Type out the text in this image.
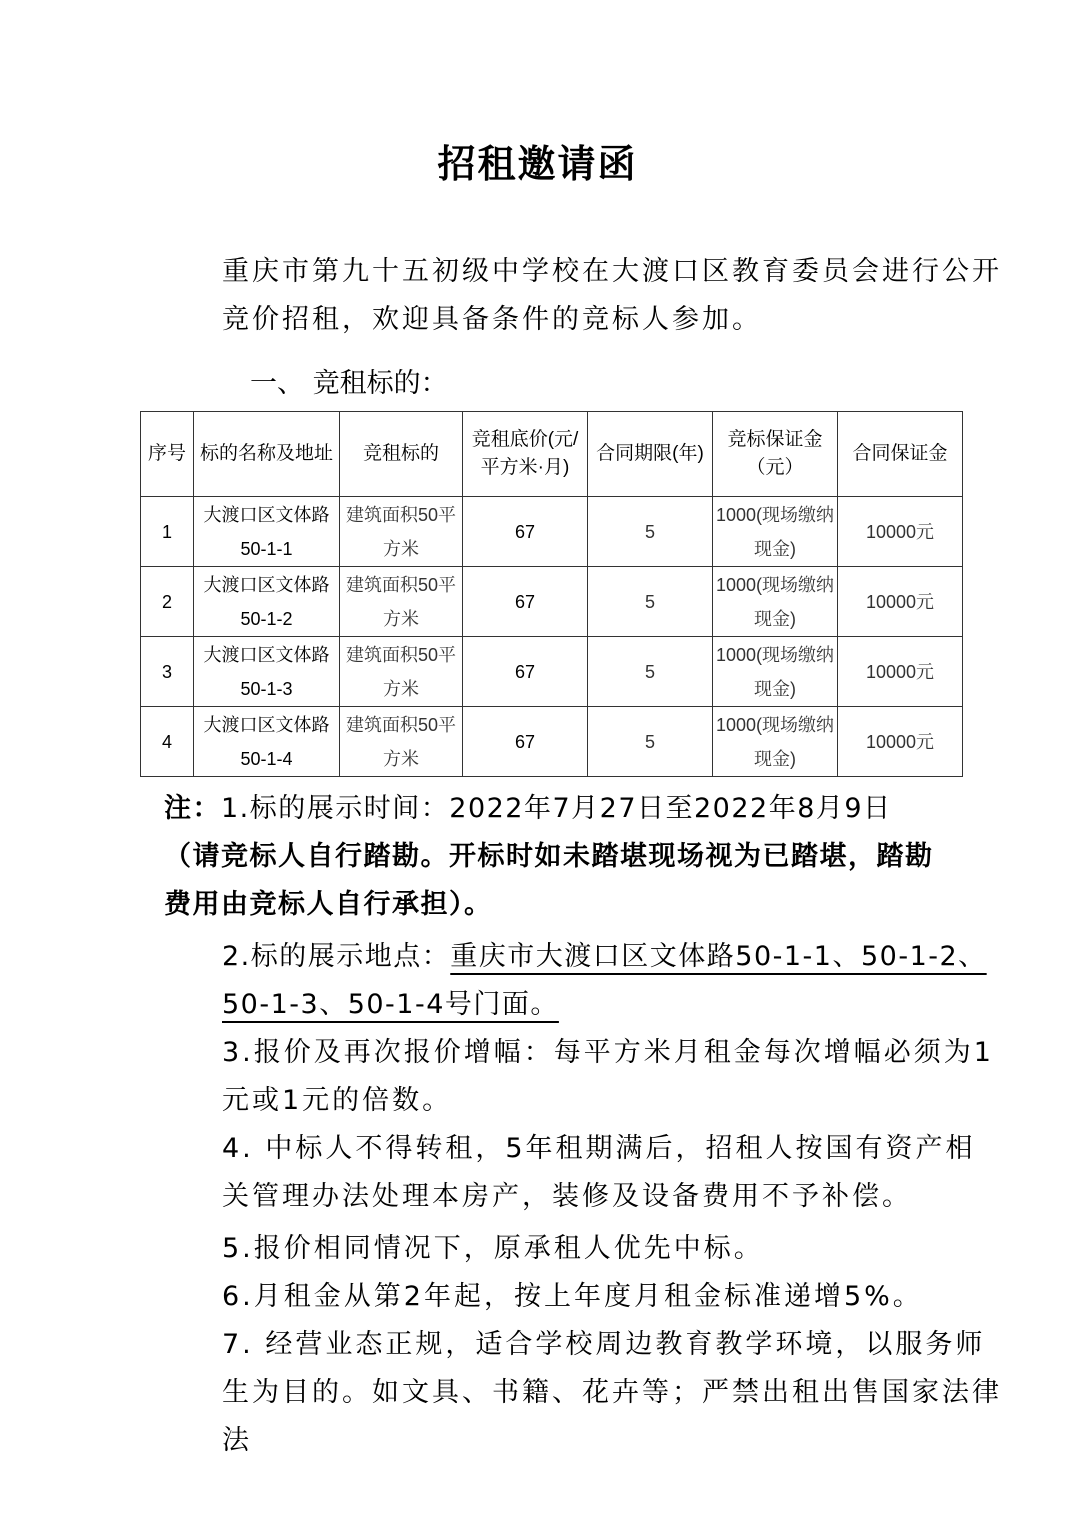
招租邀请函
重庆市第九十五初级中学校在大渡口区教育委员会进行公开竞价招租，欢迎具备条件的竞标人参加。
一、 竞租标的：
序号	标的名称及地址	竞租标的	竞租底价(元/平方米·月)	合同期限(年)	竞标保证金（元）	合同保证金
1	大渡口区文体路50-1-1	建筑面积50平方米	67	5	1000(现场缴纳现金)	10000元
2	大渡口区文体路50-1-2	建筑面积50平方米	67	5	1000(现场缴纳现金)	10000元
3	大渡口区文体路50-1-3	建筑面积50平方米	67	5	1000(现场缴纳现金)	10000元
4	大渡口区文体路50-1-4	建筑面积50平方米	67	5	1000(现场缴纳现金)	10000元
注：1.标的展示时间：2022年7月27日至2022年8月9日（请竞标人自行踏勘。开标时如未踏堪现场视为已踏堪，踏勘费用由竞标人自行承担）。
2.标的展示地点：重庆市大渡口区文体路50-1-1、50-1-2、50-1-3、50-1-4号门面。
3.报价及再次报价增幅：每平方米月租金每次增幅必须为1元或1元的倍数。
4. 中标人不得转租，5年租期满后，招租人按国有资产相关管理办法处理本房产，装修及设备费用不予补偿。
5.报价相同情况下，原承租人优先中标。
6.月租金从第2年起，按上年度月租金标准递增5%。
7. 经营业态正规，适合学校周边教育教学环境，以服务师生为目的。如文具、书籍、花卉等；严禁出租出售国家法律法
